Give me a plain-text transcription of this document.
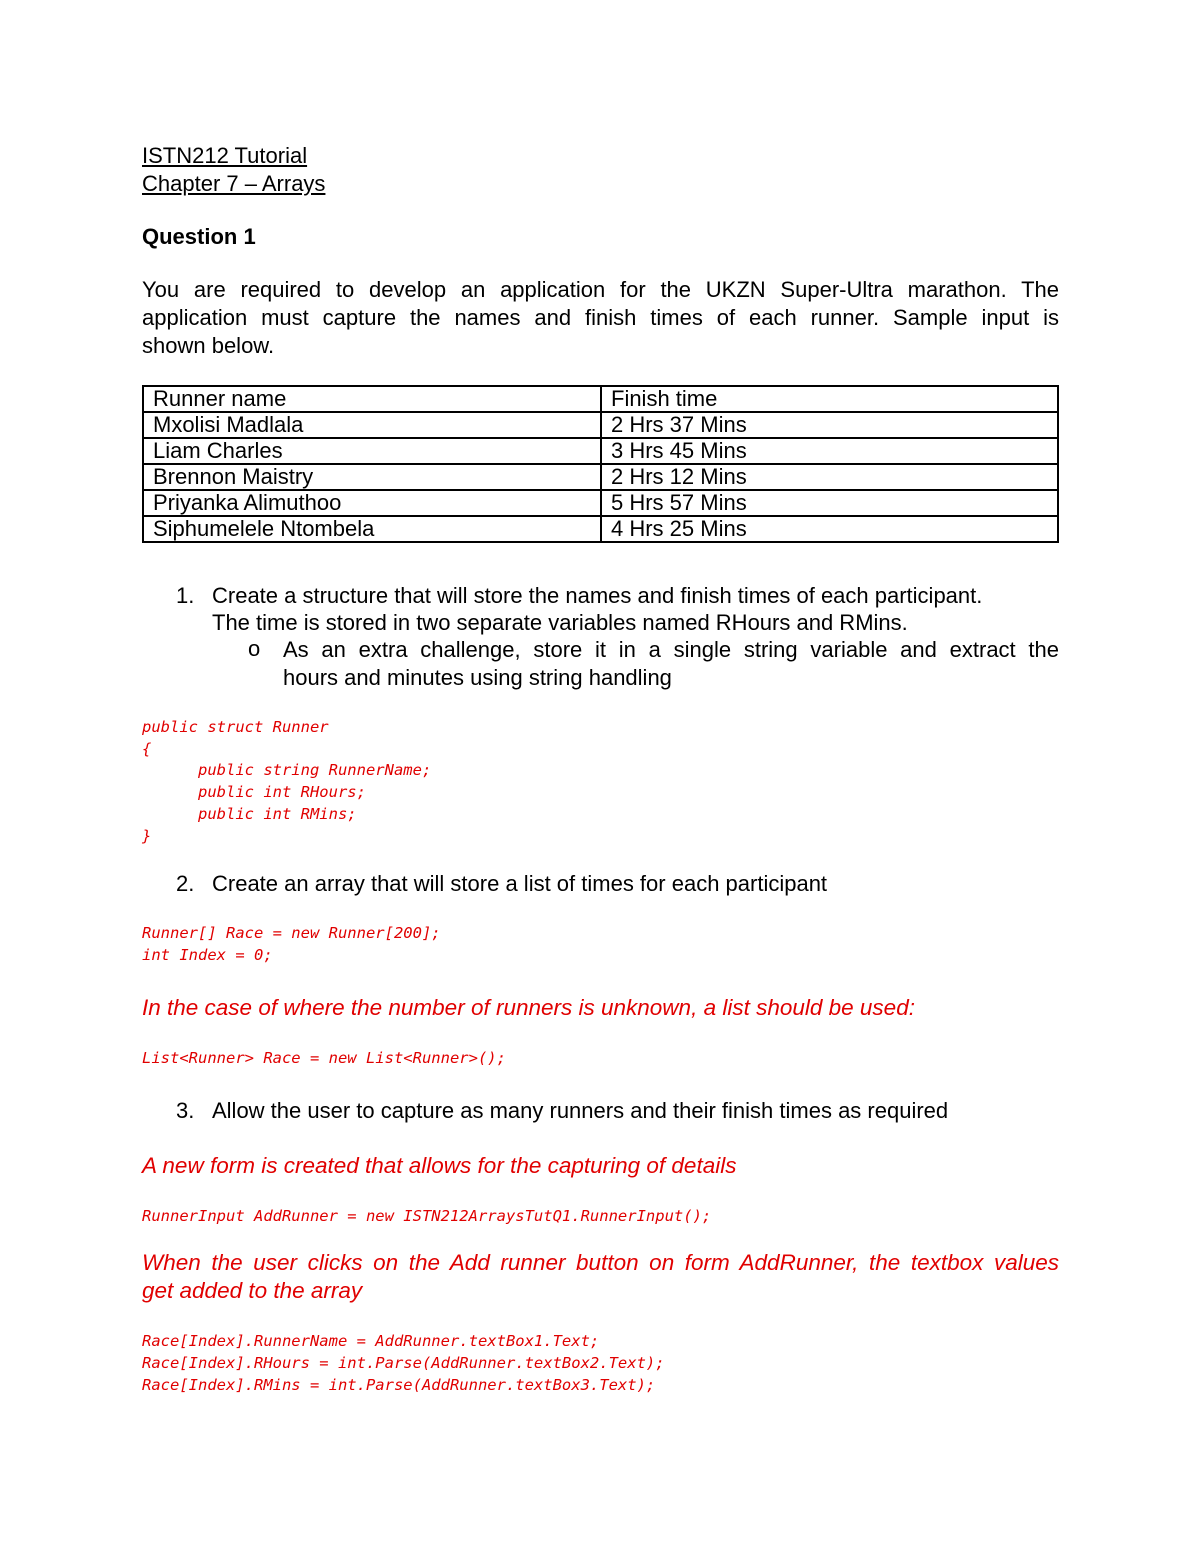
ISTN212 Tutorial
Chapter 7 – Arrays
Question 1
You are required to develop an application for the UKZN Super-Ultra marathon. The
application must capture the names and finish times of each runner. Sample input is
shown below.
Runner name	Finish time
Mxolisi Madlala	2 Hrs 37 Mins
Liam Charles	3 Hrs 45 Mins
Brennon Maistry	2 Hrs 12 Mins
Priyanka Alimuthoo	5 Hrs 57 Mins
Siphumelele Ntombela	4 Hrs 25 Mins
1. Create a structure that will store the names and finish times of each participant.
The time is stored in two separate variables named RHours and RMins.
o As an extra challenge, store it in a single string variable and extract the
hours and minutes using string handling
public struct Runner
{
public string RunnerName;
public int RHours;
public int RMins;
}
2. Create an array that will store a list of times for each participant
Runner[] Race = new Runner[200];
int Index = 0;
In the case of where the number of runners is unknown, a list should be used:
List<Runner> Race = new List<Runner>();
3. Allow the user to capture as many runners and their finish times as required
A new form is created that allows for the capturing of details
RunnerInput AddRunner = new ISTN212ArraysTutQ1.RunnerInput();
When the user clicks on the Add runner button on form AddRunner, the textbox values
get added to the array
Race[Index].RunnerName = AddRunner.textBox1.Text;
Race[Index].RHours = int.Parse(AddRunner.textBox2.Text);
Race[Index].RMins = int.Parse(AddRunner.textBox3.Text);
